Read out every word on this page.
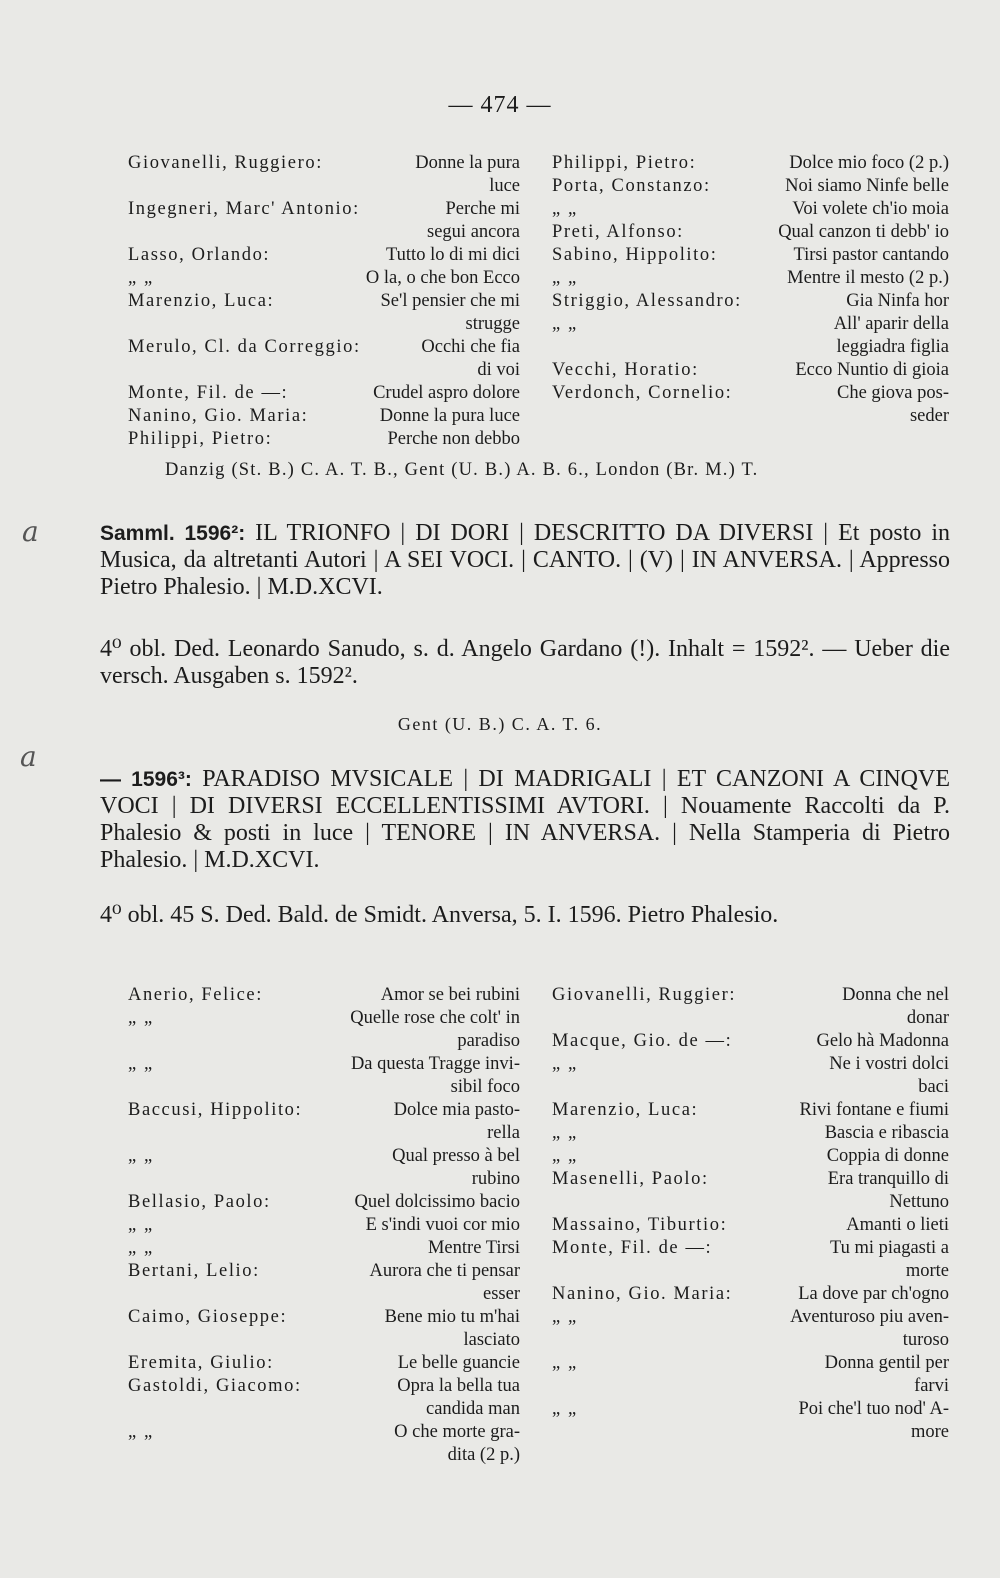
— 474 —
Giovanelli, Ruggiero:	Donne la pura
luce
Ingegneri, Marc' Antonio:	Perche mi
segui ancora
Lasso, Orlando:	Tutto lo di mi dici
„ „	O la, o che bon Ecco
Marenzio, Luca:	Se'l pensier che mi
strugge
Merulo, Cl. da Correggio:	Occhi che fia
di voi
Monte, Fil. de —:	Crudel aspro dolore
Nanino, Gio. Maria:	Donne la pura luce
Philippi, Pietro:	Perche non debbo
Philippi, Pietro:	Dolce mio foco (2 p.)
Porta, Constanzo:	Noi siamo Ninfe belle
„ „	Voi volete ch'io moia
Preti, Alfonso:	Qual canzon ti debb' io
Sabino, Hippolito:	Tirsi pastor cantando
„ „	Mentre il mesto (2 p.)
Striggio, Alessandro:	Gia Ninfa hor
„ „	All' aparir della
leggiadra figlia
Vecchi, Horatio:	Ecco Nuntio di gioia
Verdonch, Cornelio:	Che giova pos-
seder
Danzig (St. B.) C. A. T. B., Gent (U. B.) A. B. 6., London (Br. M.) T.
a	Samml. 1596²: IL TRIONFO | DI DORI | DESCRITTO DA DIVERSI | Et posto in Musica, da altretanti Autori | A SEI VOCI. | CANTO. | (V) | IN ANVERSA. | Appresso Pietro Phalesio. | M.D.XCVI.
4⁰ obl. Ded. Leonardo Sanudo, s. d. Angelo Gardano (!). Inhalt = 1592². — Ueber die versch. Ausgaben s. 1592².
Gent (U. B.) C. A. T. 6.
a
— 1596³: PARADISO MVSICALE | DI MADRIGALI | ET CANZONI A CINQVE VOCI | DI DIVERSI ECCELLENTISSIMI AVTORI. | Nouamente Raccolti da P. Phalesio & posti in luce | TENORE | IN ANVERSA. | Nella Stamperia di Pietro Phalesio. | M.D.XCVI.
4⁰ obl. 45 S. Ded. Bald. de Smidt. Anversa, 5. I. 1596. Pietro Phalesio.
Anerio, Felice:	Amor se bei rubini
„ „	Quelle rose che colt' in
paradiso
„ „	Da questa Tragge invi-
sibil foco
Baccusi, Hippolito:	Dolce mia pasto-
rella
„ „	Qual presso à bel
rubino
Bellasio, Paolo:	Quel dolcissimo bacio
„ „	E s'indi vuoi cor mio
„ „	Mentre Tirsi
Bertani, Lelio:	Aurora che ti pensar
esser
Caimo, Gioseppe:	Bene mio tu m'hai
lasciato
Eremita, Giulio:	Le belle guancie
Gastoldi, Giacomo:	Opra la bella tua
candida man
„ „	O che morte gra-
dita (2 p.)
Giovanelli, Ruggier:	Donna che nel
donar
Macque, Gio. de —:	Gelo hà Madonna
„ „	Ne i vostri dolci
baci
Marenzio, Luca:	Rivi fontane e fiumi
„ „	Bascia e ribascia
„ „	Coppia di donne
Masenelli, Paolo:	Era tranquillo di
Nettuno
Massaino, Tiburtio:	Amanti o lieti
Monte, Fil. de —:	Tu mi piagasti a
morte
Nanino, Gio. Maria:	La dove par ch'ogno
„ „	Aventuroso piu aven-
turoso
„ „	Donna gentil per
farvi
„ „	Poi che'l tuo nod' A-
more
